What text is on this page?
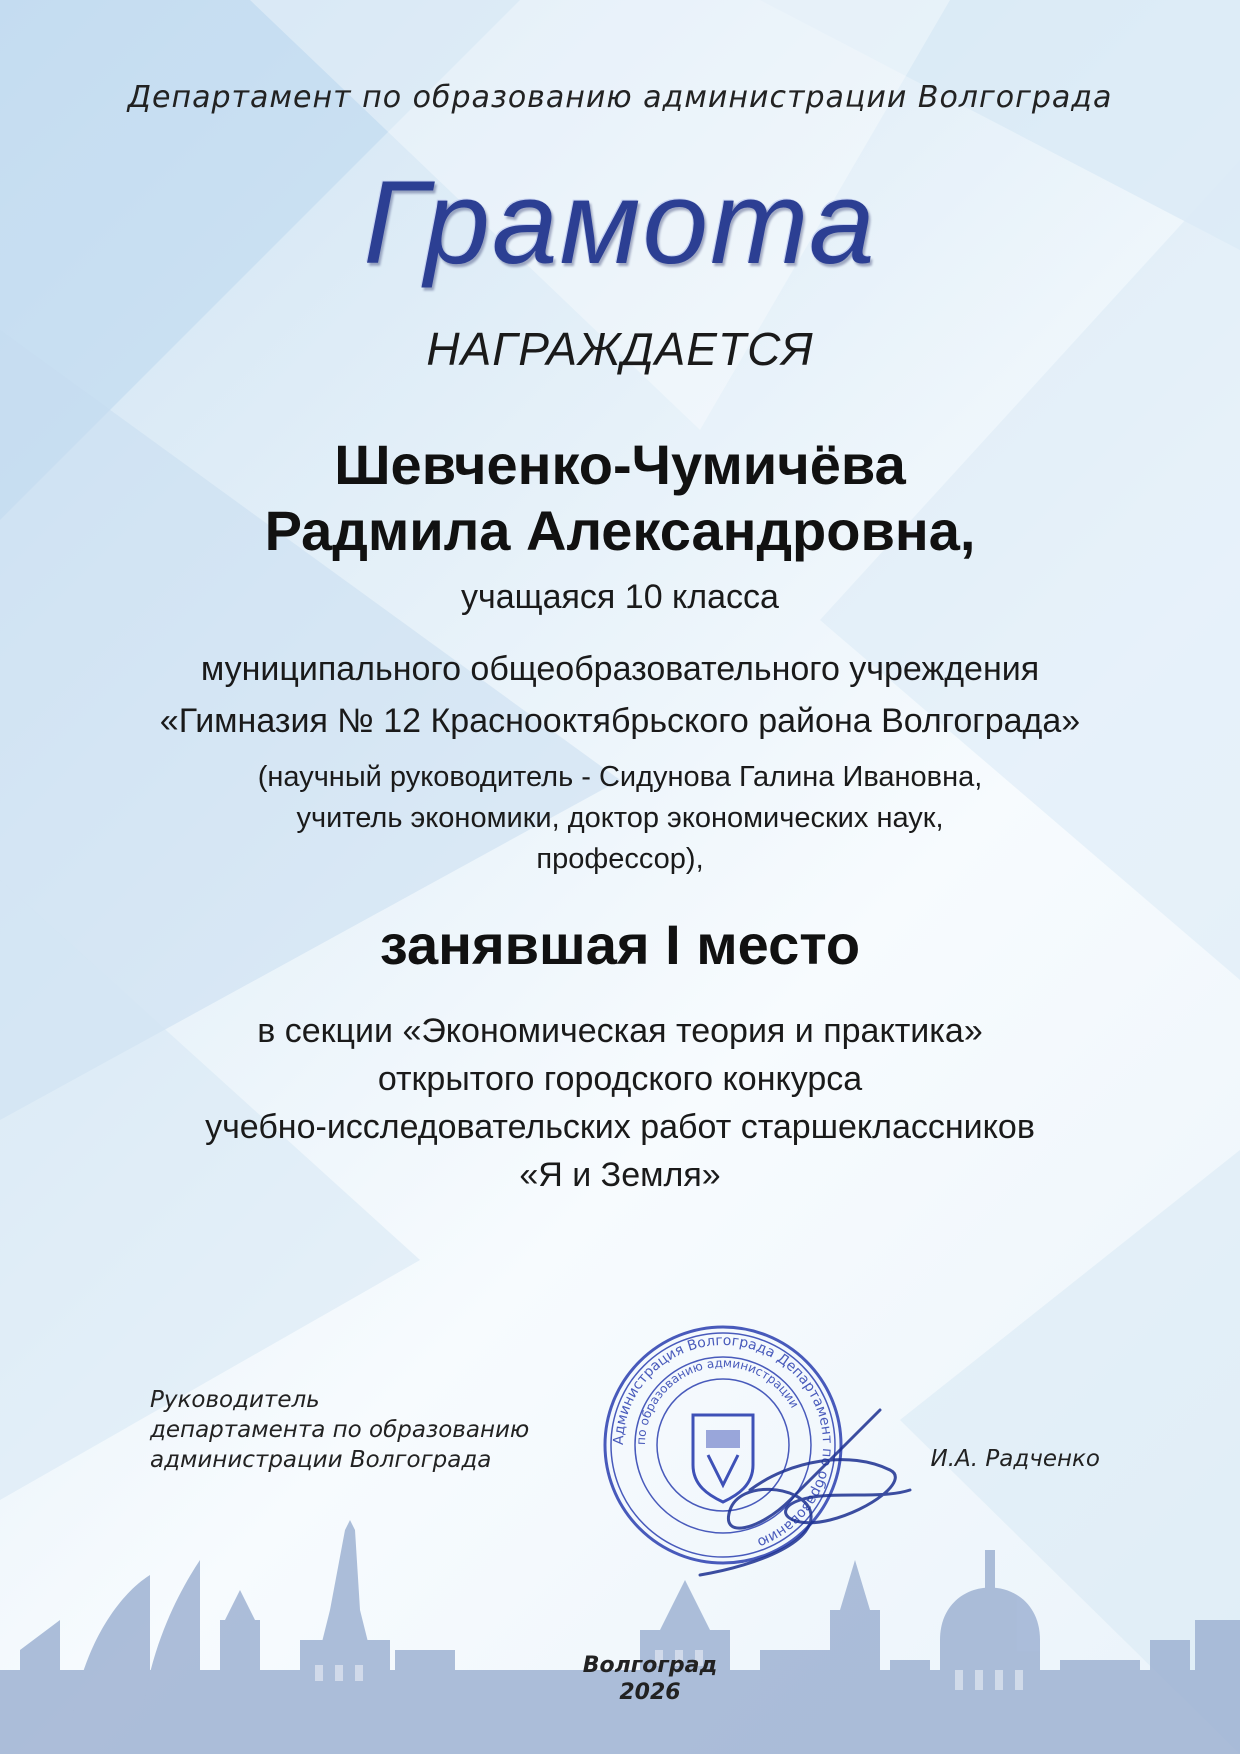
Департамент по образованию администрации Волгограда
Грамота
НАГРАЖДАЕТСЯ
Шевченко-Чумичёва
Радмила Александровна,
учащаяся 10 класса
муниципального общеобразовательного учреждения
«Гимназия № 12 Краснооктябрьского района Волгограда»
(научный руководитель - Сидунова Галина Ивановна,
учитель экономики, доктор экономических наук,
профессор),
занявшая I место
в секции «Экономическая теория и практика»
открытого городского конкурса
учебно-исследовательских работ старшеклассников
«Я и Земля»
Руководитель
департамента по образованию
администрации Волгограда
Администрация Волгограда Департамент по образованию
по образованию администрации
И.А. Радченко
Волгоград
2026
